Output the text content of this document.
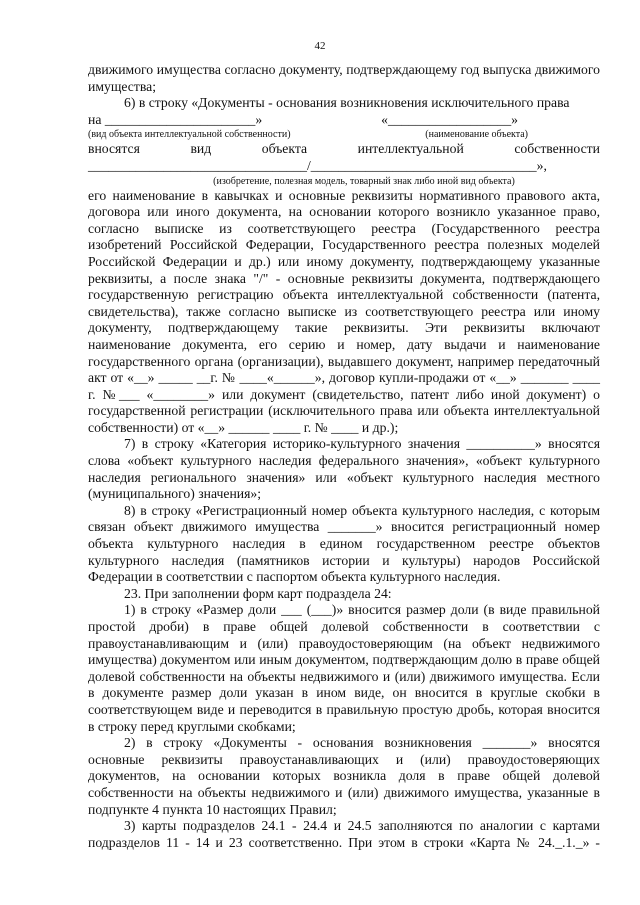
42

движимого имущества согласно документу, подтверждающему год выпуска движимого имущества;

6) в строку «Документы - основания возникновения исключительного права

на ______________________»	«__________________»
(вид объекта интеллектуальной собственности)	(наименование объекта)
вносятся	вид	объекта	интеллектуальной	собственности
________________________________/_________________________________»,
(изобретение, полезная модель, товарный знак либо иной вид объекта)

его наименование в кавычках и основные реквизиты нормативного правового акта, договора или иного документа, на основании которого возникло указанное право, согласно выписке из соответствующего реестра (Государственного реестра изобретений Российской Федерации, Государственного реестра полезных моделей Российской Федерации и др.) или иному документу, подтверждающему указанные реквизиты, а после знака "/" - основные реквизиты документа, подтверждающего государственную регистрацию объекта интеллектуальной собственности (патента, свидетельства), также согласно выписке из соответствующего реестра или иному документу, подтверждающему такие реквизиты. Эти реквизиты включают наименование документа, его серию и номер, дату выдачи и наименование государственного органа (организации), выдавшего документ, например передаточный акт от «__» _____ __г. № ____«______», договор купли-продажи от «__» _______ ____ г. №___ «________» или документ (свидетельство, патент либо иной документ) о государственной регистрации (исключительного права или объекта интеллектуальной собственности) от «__» ______ ____ г. № ____ и др.);

7) в строку «Категория историко-культурного значения __________» вносятся слова «объект культурного наследия федерального значения», «объект культурного наследия регионального значения» или «объект культурного наследия местного (муниципального) значения»;

8) в строку «Регистрационный номер объекта культурного наследия, с которым связан объект движимого имущества _______» вносится регистрационный номер объекта культурного наследия в едином государственном реестре объектов культурного наследия (памятников истории и культуры) народов Российской Федерации в соответствии с паспортом объекта культурного наследия.

23. При заполнении форм карт подраздела 24:

1) в строку «Размер доли ___ (___)» вносится размер доли (в виде правильной простой дроби) в праве общей долевой собственности в соответствии с правоустанавливающим и (или) правоудостоверяющим (на объект недвижимого имущества) документом или иным документом, подтверждающим долю в праве общей долевой собственности на объекты недвижимого и (или) движимого имущества. Если в документе размер доли указан в ином виде, он вносится в круглые скобки в соответствующем виде и переводится в правильную простую дробь, которая вносится в строку перед круглыми скобками;

2) в строку «Документы - основания возникновения _______» вносятся основные реквизиты правоустанавливающих и (или) правоудостоверяющих документов, на основании которых возникла доля в праве общей долевой собственности на объекты недвижимого и (или) движимого имущества, указанные в подпункте 4 пункта 10 настоящих Правил;

3) карты подразделов 24.1 - 24.4 и 24.5 заполняются по аналогии с картами подразделов 11 - 14 и 23 соответственно. При этом в строки «Карта № 24._.1._» -
